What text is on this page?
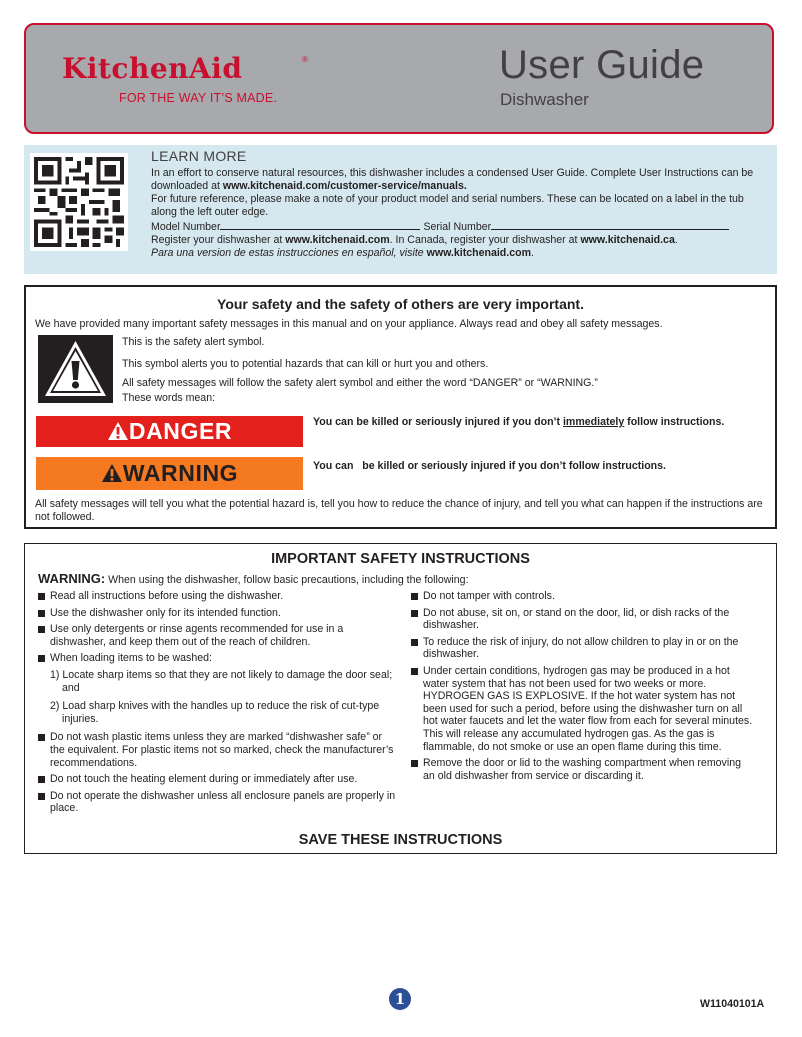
KitchenAid	®
FOR THE WAY IT’S MADE.
User Guide
Dishwasher
LEARN MORE

In an effort to conserve natural resources, this dishwasher includes a condensed User Guide. Complete User Instructions can be downloaded at www.kitchenaid.com/customer-service/manuals.

For future reference, please make a note of your product model and serial numbers. These can be located on a label in the tub along the left outer edge.

Model Number	Serial Number

Register your dishwasher at www.kitchenaid.com. In Canada, register your dishwasher at www.kitchenaid.ca.

Para una version de estas instrucciones en español, visite www.kitchenaid.com.

Your safety and the safety of others are very important.
We have provided many important safety messages in this manual and on your appliance. Always read and obey all safety messages.
This is the safety alert symbol.
This symbol alerts you to potential hazards that can kill or hurt you and others.
All safety messages will follow the safety alert symbol and either the word “DANGER” or “WARNING.”
These words mean:
DANGER	You can be killed or seriously injured if you don’t immediately follow instructions.
WARNING	You can   be killed or seriously injured if you don’t follow instructions.
All safety messages will tell you what the potential hazard is, tell you how to reduce the chance of injury, and tell you what can happen if the instructions are not followed.
IMPORTANT SAFETY INSTRUCTIONS
WARNING: When using the dishwasher, follow basic precautions, including the following:
Read all instructions before using the dishwasher.
Use the dishwasher only for its intended function.
Use only detergents or rinse agents recommended for use in a dishwasher, and keep them out of the reach of children.
When loading items to be washed:
1) Locate sharp items so that they are not likely to damage the door seal; and
2) Load sharp knives with the handles up to reduce the risk of cut-type injuries.
Do not wash plastic items unless they are marked “dishwasher safe” or the equivalent. For plastic items not so marked, check the manufacturer’s recommendations.
Do not touch the heating element during or immediately after use.
Do not operate the dishwasher unless all enclosure panels are properly in place.
Do not tamper with controls.
Do not abuse, sit on, or stand on the door, lid, or dish racks of the dishwasher.
To reduce the risk of injury, do not allow children to play in or on the dishwasher.
Under certain conditions, hydrogen gas may be produced in a hot water system that has not been used for two weeks or more. HYDROGEN GAS IS EXPLOSIVE. If the hot water system has not been used for such a period, before using the dishwasher turn on all hot water faucets and let the water flow from each for several minutes. This will release any accumulated hydrogen gas. As the gas is flammable, do not smoke or use an open flame during this time.
Remove the door or lid to the washing compartment when removing an old dishwasher from service or discarding it.
SAVE THESE INSTRUCTIONS
1	W11040101A
